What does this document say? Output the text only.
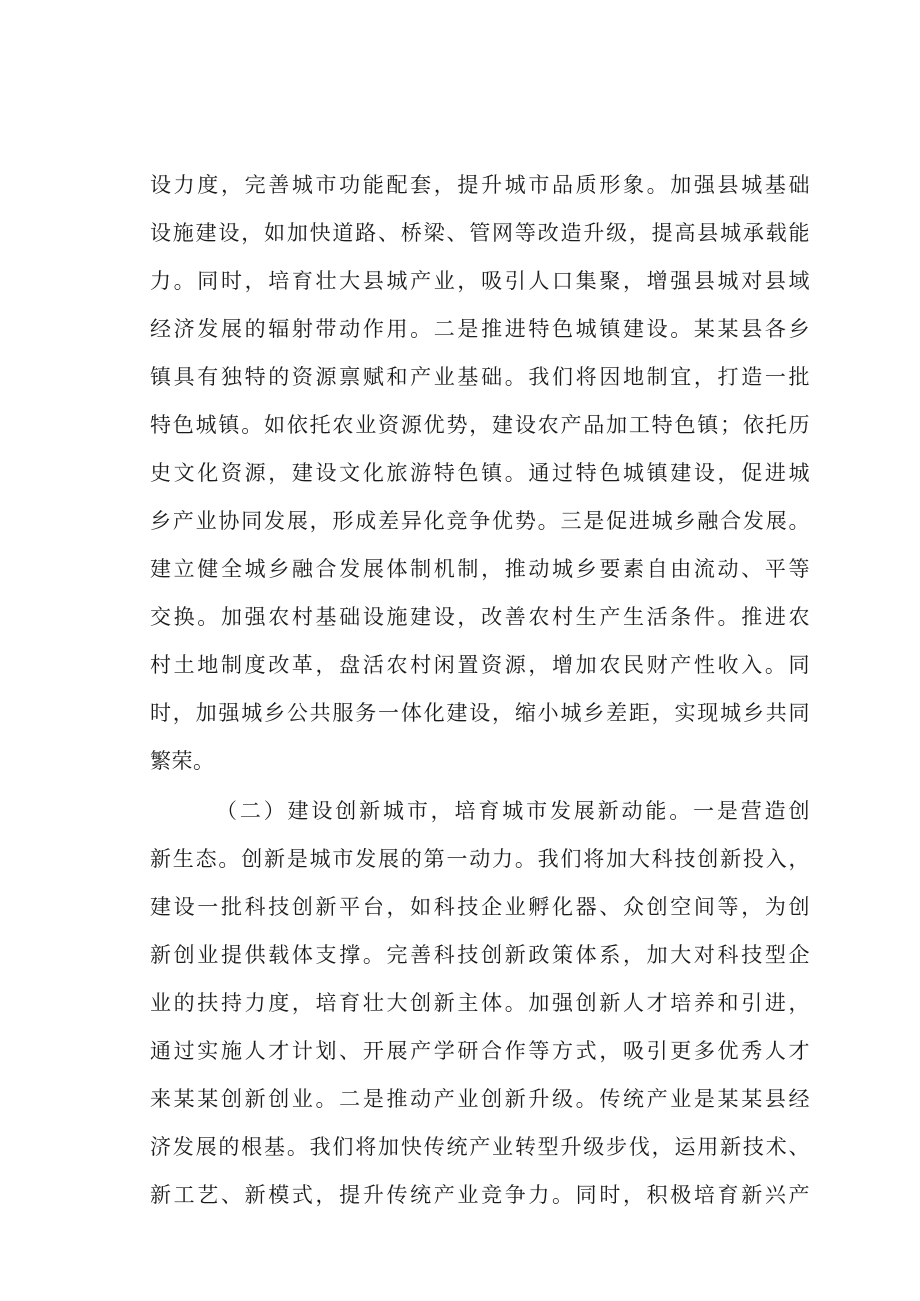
设力度，完善城市功能配套，提升城市品质形象。加强县城基础
设施建设，如加快道路、桥梁、管网等改造升级，提高县城承载能
力。同时，培育壮大县城产业，吸引人口集聚，增强县城对县域
经济发展的辐射带动作用。二是推进特色城镇建设。某某县各乡
镇具有独特的资源禀赋和产业基础。我们将因地制宜，打造一批
特色城镇。如依托农业资源优势，建设农产品加工特色镇；依托历
史文化资源，建设文化旅游特色镇。通过特色城镇建设，促进城
乡产业协同发展，形成差异化竞争优势。三是促进城乡融合发展。
建立健全城乡融合发展体制机制，推动城乡要素自由流动、平等
交换。加强农村基础设施建设，改善农村生产生活条件。推进农
村土地制度改革，盘活农村闲置资源，增加农民财产性收入。同
时，加强城乡公共服务一体化建设，缩小城乡差距，实现城乡共同
繁荣。
（二）建设创新城市，培育城市发展新动能。一是营造创
新生态。创新是城市发展的第一动力。我们将加大科技创新投入，
建设一批科技创新平台，如科技企业孵化器、众创空间等，为创
新创业提供载体支撑。完善科技创新政策体系，加大对科技型企
业的扶持力度，培育壮大创新主体。加强创新人才培养和引进，
通过实施人才计划、开展产学研合作等方式，吸引更多优秀人才
来某某创新创业。二是推动产业创新升级。传统产业是某某县经
济发展的根基。我们将加快传统产业转型升级步伐，运用新技术、
新工艺、新模式，提升传统产业竞争力。同时，积极培育新兴产
